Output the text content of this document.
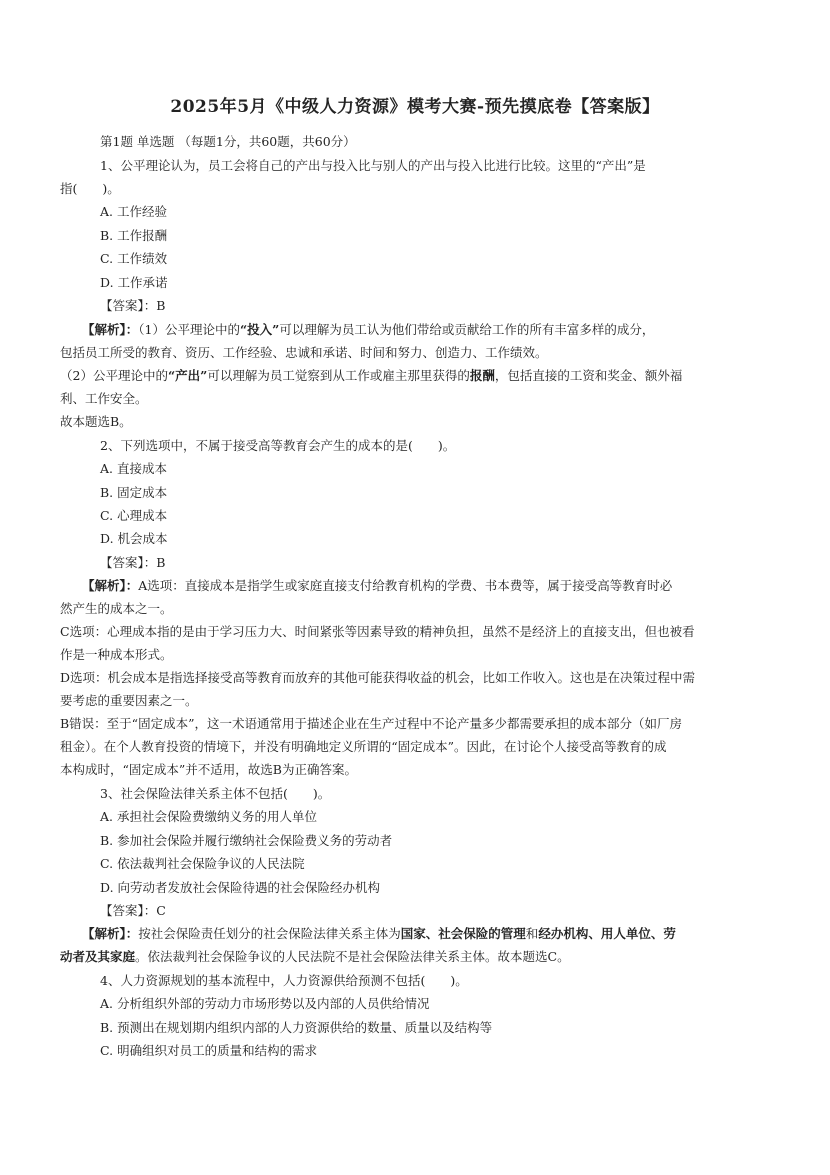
2025年5月《中级人力资源》模考大赛-预先摸底卷【答案版】
第1题 单选题 （每题1分，共60题，共60分）
1、公平理论认为，员工会将自己的产出与投入比与别人的产出与投入比进行比较。这里的“产出”是
指(　　)。
A. 工作经验
B. 工作报酬
C. 工作绩效
D. 工作承诺
【答案】：B
【解析】：（1）公平理论中的“投入”可以理解为员工认为他们带给或贡献给工作的所有丰富多样的成分，
包括员工所受的教育、资历、工作经验、忠诚和承诺、时间和努力、创造力、工作绩效。
（2）公平理论中的“产出”可以理解为员工觉察到从工作或雇主那里获得的报酬，包括直接的工资和奖金、额外福
利、工作安全。
故本题选B。
2、下列选项中，不属于接受高等教育会产生的成本的是(　　)。
A. 直接成本
B. 固定成本
C. 心理成本
D. 机会成本
【答案】：B
【解析】：A选项：直接成本是指学生或家庭直接支付给教育机构的学费、书本费等，属于接受高等教育时必
然产生的成本之一。
C选项：心理成本指的是由于学习压力大、时间紧张等因素导致的精神负担，虽然不是经济上的直接支出，但也被看
作是一种成本形式。
D选项：机会成本是指选择接受高等教育而放弃的其他可能获得收益的机会，比如工作收入。这也是在决策过程中需
要考虑的重要因素之一。
B错误：至于“固定成本”，这一术语通常用于描述企业在生产过程中不论产量多少都需要承担的成本部分（如厂房
租金）。在个人教育投资的情境下，并没有明确地定义所谓的“固定成本”。因此，在讨论个人接受高等教育的成
本构成时，“固定成本”并不适用，故选B为正确答案。
3、社会保险法律关系主体不包括(　　)。
A. 承担社会保险费缴纳义务的用人单位
B. 参加社会保险并履行缴纳社会保险费义务的劳动者
C. 依法裁判社会保险争议的人民法院
D. 向劳动者发放社会保险待遇的社会保险经办机构
【答案】：C
【解析】：按社会保险责任划分的社会保险法律关系主体为国家、社会保险的管理和经办机构、用人单位、劳
动者及其家庭。依法裁判社会保险争议的人民法院不是社会保险法律关系主体。故本题选C。
4、人力资源规划的基本流程中，人力资源供给预测不包括(　　)。
A. 分析组织外部的劳动力市场形势以及内部的人员供给情况
B. 预测出在规划期内组织内部的人力资源供给的数量、质量以及结构等
C. 明确组织对员工的质量和结构的需求
